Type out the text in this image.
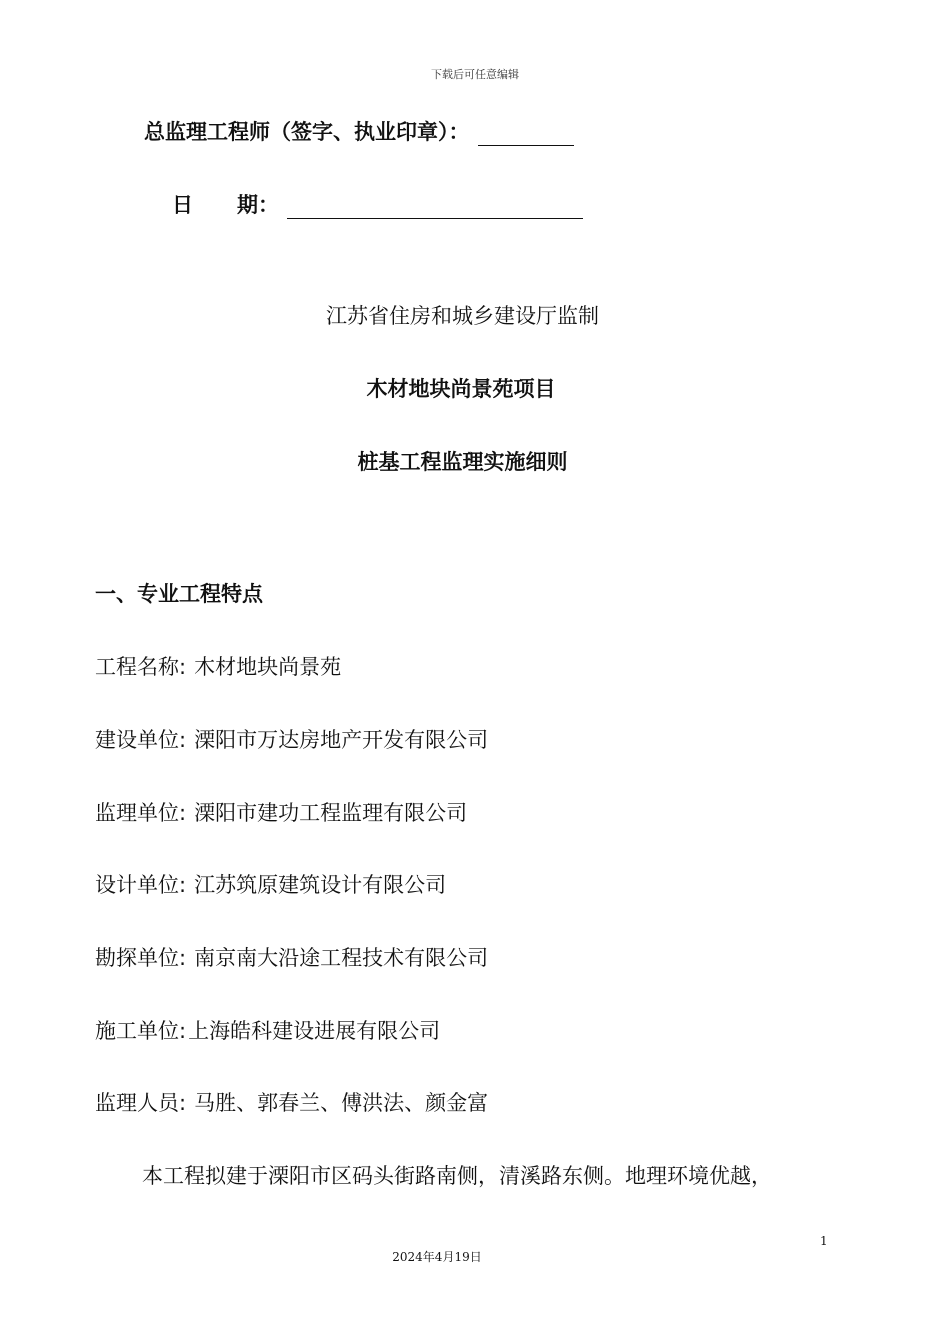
下载后可任意编辑
总监理工程师（签字、执业印章）：
日 期：
江苏省住房和城乡建设厅监制
木材地块尚景苑项目
桩基工程监理实施细则
一、专业工程特点
工程名称: 木材地块尚景苑
建设单位: 溧阳市万达房地产开发有限公司
监理单位: 溧阳市建功工程监理有限公司
设计单位: 江苏筑原建筑设计有限公司
勘探单位: 南京南大沿途工程技术有限公司
施工单位:上海皓科建设进展有限公司
监理人员: 马胜、郭春兰、傅洪法、颜金富
本工程拟建于溧阳市区码头街路南侧，清溪路东侧。地理环境优越，
1
2024年4月19日
